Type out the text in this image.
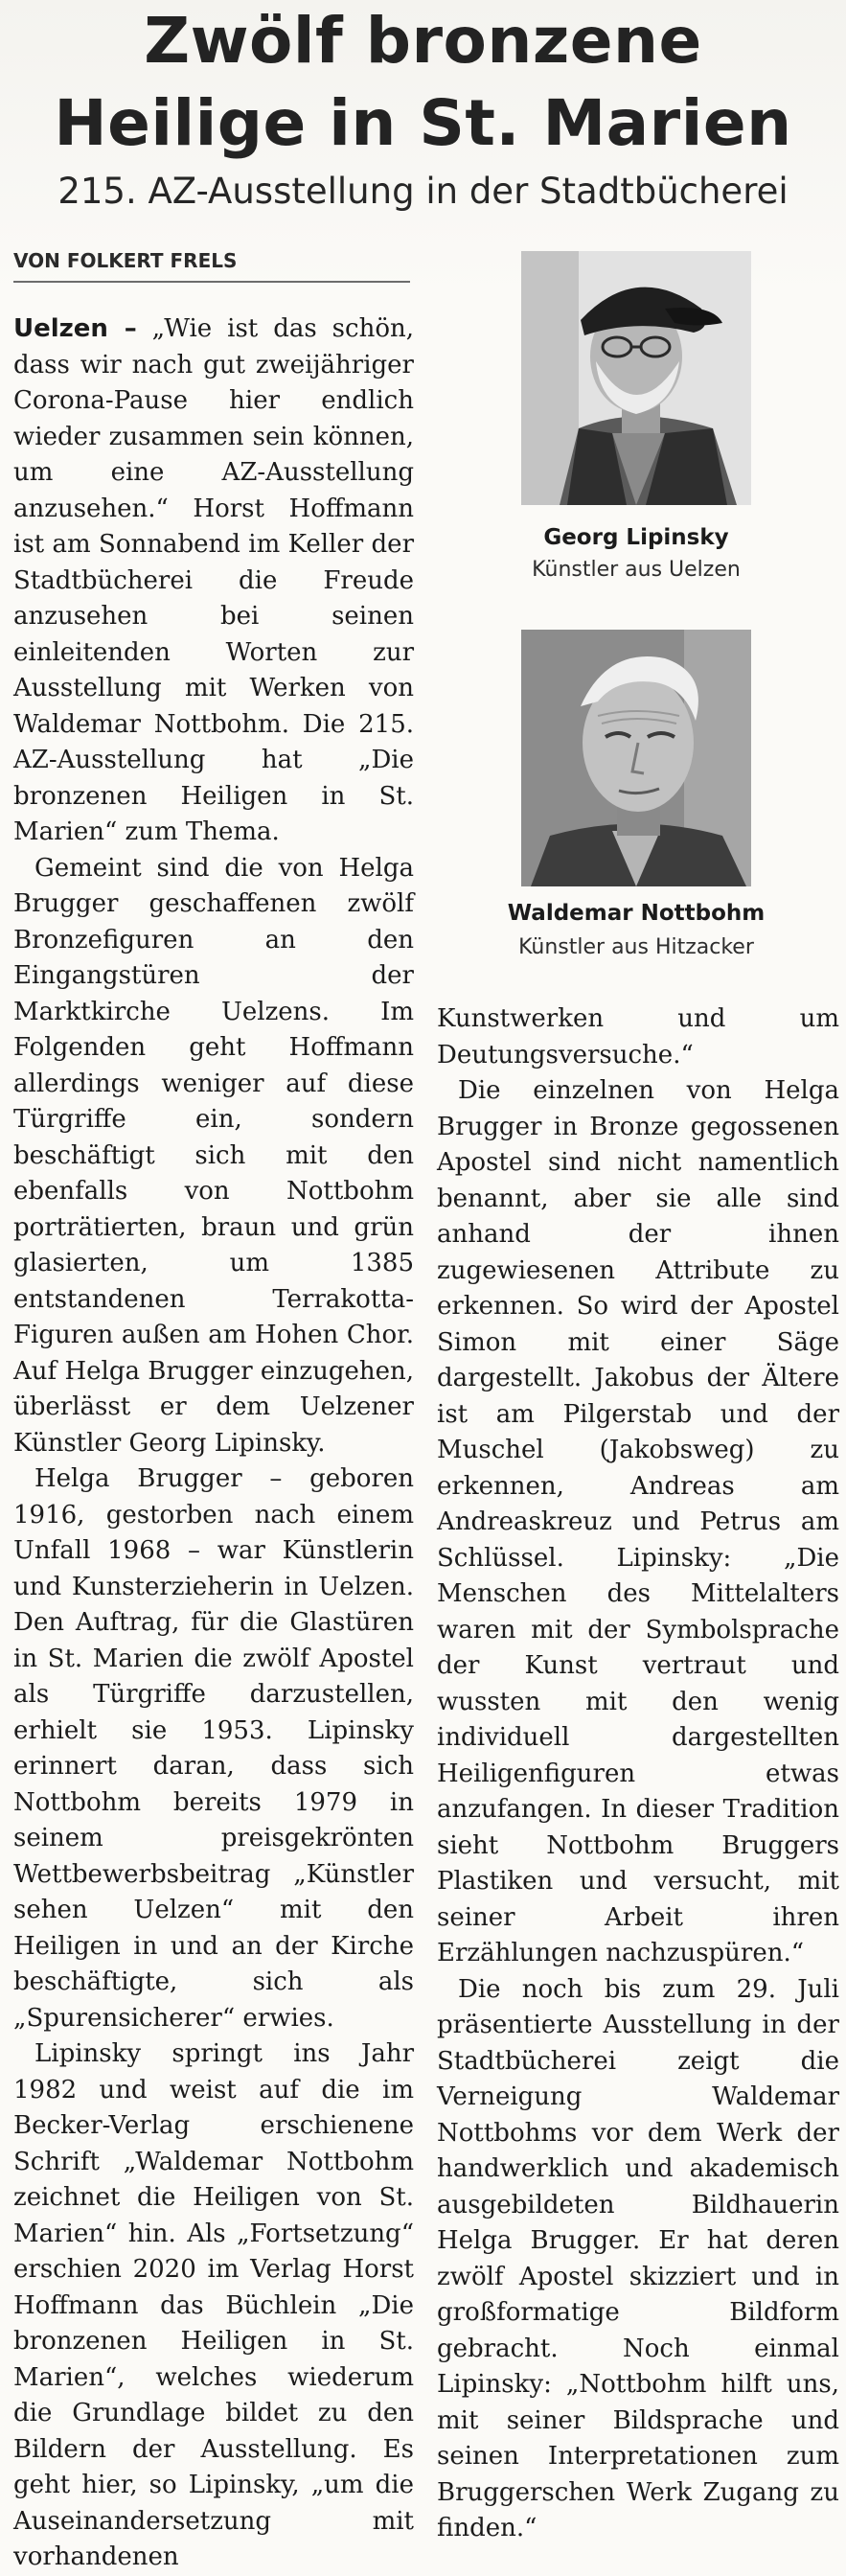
Zwölf bronzene
Heilige in St. Marien
215. AZ-Ausstellung in der Stadtbücherei
VON FOLKERT FRELS

Uelzen – „Wie ist das schön, dass wir nach gut zweijähriger Corona-Pause hier endlich wieder zusammen sein können, um eine AZ-Ausstellung anzusehen.“ Horst Hoffmann ist am Sonnabend im Keller der Stadtbücherei die Freude anzusehen bei seinen einleitenden Worten zur Ausstellung mit Werken von Waldemar Nottbohm. Die 215. AZ-Ausstellung hat „Die bronzenen Heiligen in St. Marien“ zum Thema.

Gemeint sind die von Helga Brugger geschaffenen zwölf Bronzefiguren an den Eingangstüren der Marktkirche Uelzens. Im Folgenden geht Hoffmann allerdings weniger auf diese Türgriffe ein, sondern beschäftigt sich mit den ebenfalls von Nottbohm porträtierten, braun und grün glasierten, um 1385 entstandenen Terrakotta-Figuren außen am Hohen Chor. Auf Helga Brugger einzugehen, überlässt er dem Uelzener Künstler Georg Lipinsky.

Helga Brugger – geboren 1916, gestorben nach einem Unfall 1968 – war Künstlerin und Kunsterzieherin in Uelzen. Den Auftrag, für die Glastüren in St. Marien die zwölf Apostel als Türgriffe darzustellen, erhielt sie 1953. Lipinsky erinnert daran, dass sich Nottbohm bereits 1979 in seinem preisgekrönten Wettbewerbsbeitrag „Künstler sehen Uelzen“ mit den Heiligen in und an der Kirche beschäftigte, sich als „Spurensicherer“ erwies.

Lipinsky springt ins Jahr 1982 und weist auf die im Becker-Verlag erschienene Schrift „Waldemar Nottbohm zeichnet die Heiligen von St. Marien“ hin. Als „Fortsetzung“ erschien 2020 im Verlag Horst Hoffmann das Büchlein „Die bronzenen Heiligen in St. Marien“, welches wiederum die Grundlage bildet zu den Bildern der Ausstellung. Es geht hier, so Lipinsky, „um die Auseinandersetzung mit vorhandenen

Georg Lipinsky
Künstler aus Uelzen
Waldemar Nottbohm
Künstler aus Hitzacker

Kunstwerken und um Deutungsversuche.“

Die einzelnen von Helga Brugger in Bronze gegossenen Apostel sind nicht namentlich benannt, aber sie alle sind anhand der ihnen zugewiesenen Attribute zu erkennen. So wird der Apostel Simon mit einer Säge dargestellt. Jakobus der Ältere ist am Pilgerstab und der Muschel (Jakobsweg) zu erkennen, Andreas am Andreaskreuz und Petrus am Schlüssel. Lipinsky: „Die Menschen des Mittelalters waren mit der Symbolsprache der Kunst vertraut und wussten mit den wenig individuell dargestellten Heiligenfiguren etwas anzufangen. In dieser Tradition sieht Nottbohm Bruggers Plastiken und versucht, mit seiner Arbeit ihren Erzählungen nachzuspüren.“

Die noch bis zum 29. Juli präsentierte Ausstellung in der Stadtbücherei zeigt die Verneigung Waldemar Nottbohms vor dem Werk der handwerklich und akademisch ausgebildeten Bildhauerin Helga Brugger. Er hat deren zwölf Apostel skizziert und in großformatige Bildform gebracht. Noch einmal Lipinsky: „Nottbohm hilft uns, mit seiner Bildsprache und seinen Interpretationen zum Bruggerschen Werk Zugang zu finden.“
